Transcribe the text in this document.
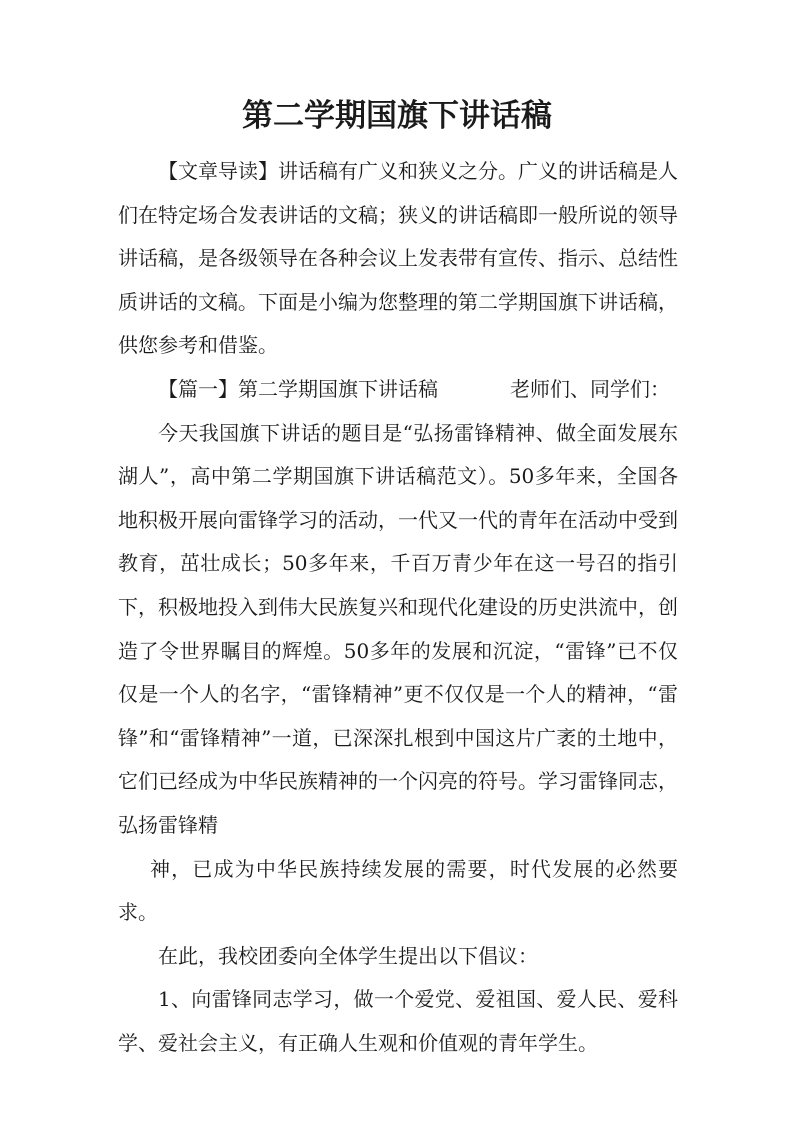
第二学期国旗下讲话稿

【文章导读】讲话稿有广义和狭义之分。广义的讲话稿是人们在特定场合发表讲话的文稿；狭义的讲话稿即一般所说的领导讲话稿，是各级领导在各种会议上发表带有宣传、指示、总结性质讲话的文稿。下面是小编为您整理的第二学期国旗下讲话稿，供您参考和借鉴。

【篇一】第二学期国旗下讲话稿	老师们、同学们：

今天我国旗下讲话的题目是“弘扬雷锋精神、做全面发展东湖人”，高中第二学期国旗下讲话稿范文）。50多年来，全国各地积极开展向雷锋学习的活动，一代又一代的青年在活动中受到教育，茁壮成长；50多年来，千百万青少年在这一号召的指引下，积极地投入到伟大民族复兴和现代化建设的历史洪流中，创造了令世界瞩目的辉煌。50多年的发展和沉淀，“雷锋”已不仅仅是一个人的名字，“雷锋精神”更不仅仅是一个人的精神，“雷锋”和“雷锋精神”一道，已深深扎根到中国这片广袤的土地中，它们已经成为中华民族精神的一个闪亮的符号。学习雷锋同志，弘扬雷锋精

神，已成为中华民族持续发展的需要，时代发展的必然要求。

在此，我校团委向全体学生提出以下倡议：

1、向雷锋同志学习，做一个爱党、爱祖国、爱人民、爱科学、爱社会主义，有正确人生观和价值观的青年学生。
